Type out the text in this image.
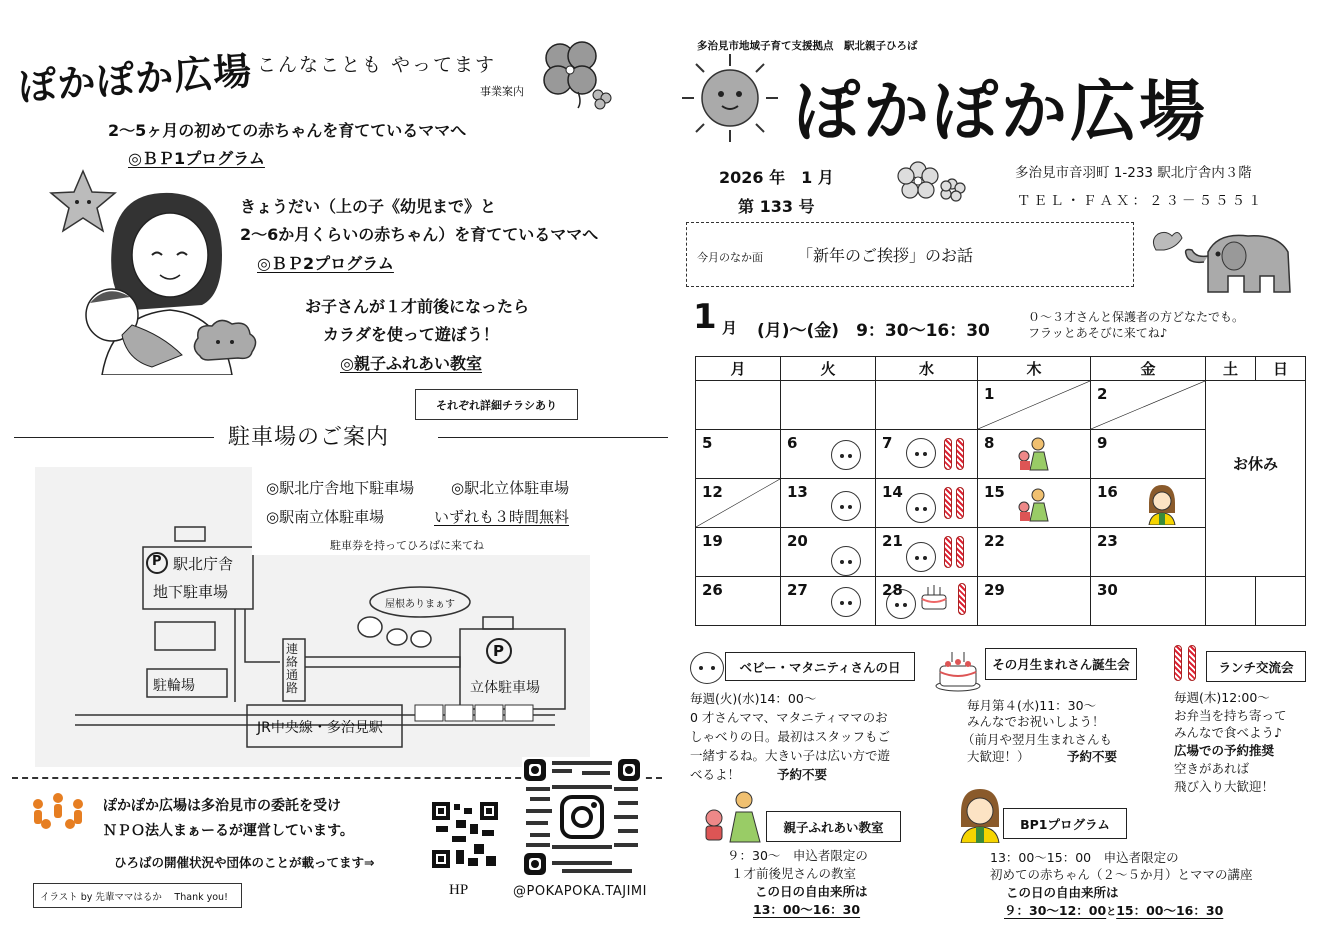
ぽかぽか広場 こんなことも やってます
事業案内
2～5ヶ月の初めての赤ちゃんを育てているママへ
◎ＢＰ1プログラム
きょうだい（上の子《幼児まで》と
2～6か月くらいの赤ちゃん）を育てているママへ
◎ＢＰ2プログラム
お子さんが１才前後になったら
カラダを使って遊ぼう！
◎親子ふれあい教室
それぞれ詳細チラシあり
駐車場のご案内
P 駅北庁舎
地下駐車場
駐輪場
連絡通路
P
立体駐車場
JR中央線・多治見駅
屋根ありまぁす
◎駅北庁舎地下駐車場 ◎駅北立体駐車場
◎駅南立体駐車場	いずれも３時間無料
駐車券を持ってひろばに来てね
ぽかぽか広場は多治見市の委託を受け
ＮＰＯ法人まぁーるが運営しています。
ひろばの開催状況や団体のことが載ってます⇒
HP	@POKAPOKA.TAJIMI
イラスト by 先輩ママはるか　 Thank you!
多治見市地域子育て支援拠点　駅北親子ひろば
ぽかぽか広場
2026 年　1 月
第 133 号
多治見市音羽町 1-233 駅北庁舎内３階
ＴＥＬ・ＦＡＸ：２３－５５５１
今月のなか面 「新年のご挨拶」のお話
1 月 (月)～(金)　9：30～16：30
０～３才さんと保護者の方どなたでも。
フラッとあそびに来てね♪
月	火	水	木	金	土	日
			1	2	お休み	
5	6	7	8	9		
12	13	14	15	16		

19	20	21	22	23		
26	27	28	29	30		
ベビー・マタニティさんの日
毎週(火)(水)14：00～
0 才さんママ、マタニティママのお
しゃべりの日。最初はスタッフもご
一緒するね。大きい子は広い方で遊
べるよ！	予約不要
その月生まれさん誕生会
毎月第４(水)11：30～
みんなでお祝いしよう！
（前月や翌月生まれさんも
大歓迎！）	予約不要
ランチ交流会
毎週(木)12:00～
お弁当を持ち寄って
みんなで食べよう♪
広場での予約推奨
空きがあれば
飛び入り大歓迎！
親子ふれあい教室
９：30～　申込者限定の
１才前後児さんの教室
この日の自由来所は
13：00～16：30
BP1プログラム
13：00～15：00　申込者限定の
初めての赤ちゃん（２～５か月）とママの講座
この日の自由来所は
９：30～12：00と15：00～16：30
